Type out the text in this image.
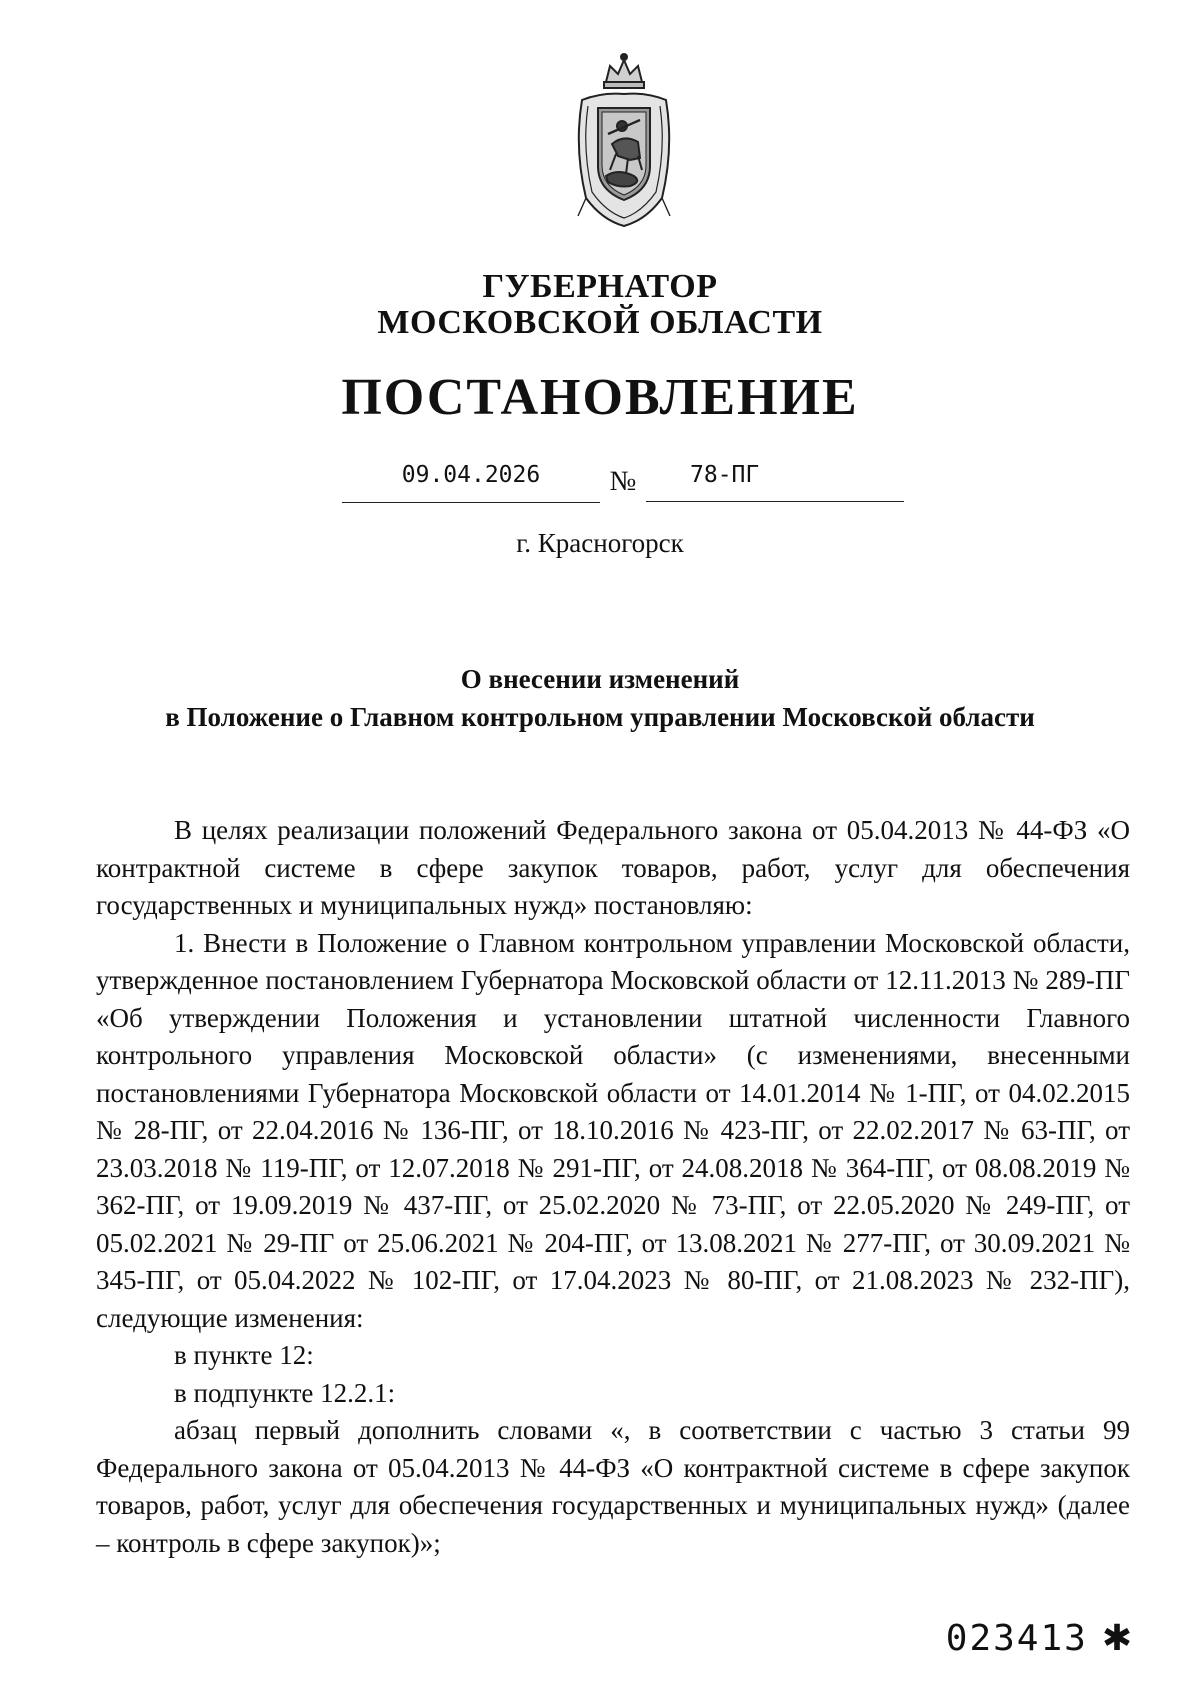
ГУБЕРНАТОР
МОСКОВСКОЙ ОБЛАСТИ
ПОСТАНОВЛЕНИЕ
09.04.2026	№	78-ПГ
г. Красногорск
О внесении изменений
в Положение о Главном контрольном управлении Московской области

В целях реализации положений Федерального закона от 05.04.2013 № 44-ФЗ «О контрактной системе в сфере закупок товаров, работ, услуг для обеспечения государственных и муниципальных нужд» постановляю:

1. Внести в Положение о Главном контрольном управлении Московской области, утвержденное постановлением Губернатора Московской области от 12.11.2013 № 289-ПГ «Об утверждении Положения и установлении штатной численности Главного контрольного управления Московской области» (с изменениями, внесенными постановлениями Губернатора Московской области от 14.01.2014 № 1-ПГ, от 04.02.2015 № 28-ПГ, от 22.04.2016 № 136-ПГ, от 18.10.2016 № 423-ПГ, от 22.02.2017 № 63-ПГ, от 23.03.2018 № 119-ПГ, от 12.07.2018 № 291-ПГ, от 24.08.2018 № 364-ПГ, от 08.08.2019 № 362-ПГ, от 19.09.2019 № 437-ПГ, от 25.02.2020 № 73-ПГ, от 22.05.2020 № 249-ПГ, от 05.02.2021 № 29-ПГ от 25.06.2021 № 204-ПГ, от 13.08.2021 № 277-ПГ, от 30.09.2021 № 345-ПГ, от 05.04.2022 № 102-ПГ, от 17.04.2023 № 80-ПГ, от 21.08.2023 № 232-ПГ), следующие изменения:

в пункте 12:

в подпункте 12.2.1:

абзац первый дополнить словами «, в соответствии с частью 3 статьи 99 Федерального закона от 05.04.2013 № 44-ФЗ «О контрактной системе в сфере закупок товаров, работ, услуг для обеспечения государственных и муниципальных нужд» (далее – контроль в сфере закупок)»;

023413 ✱
